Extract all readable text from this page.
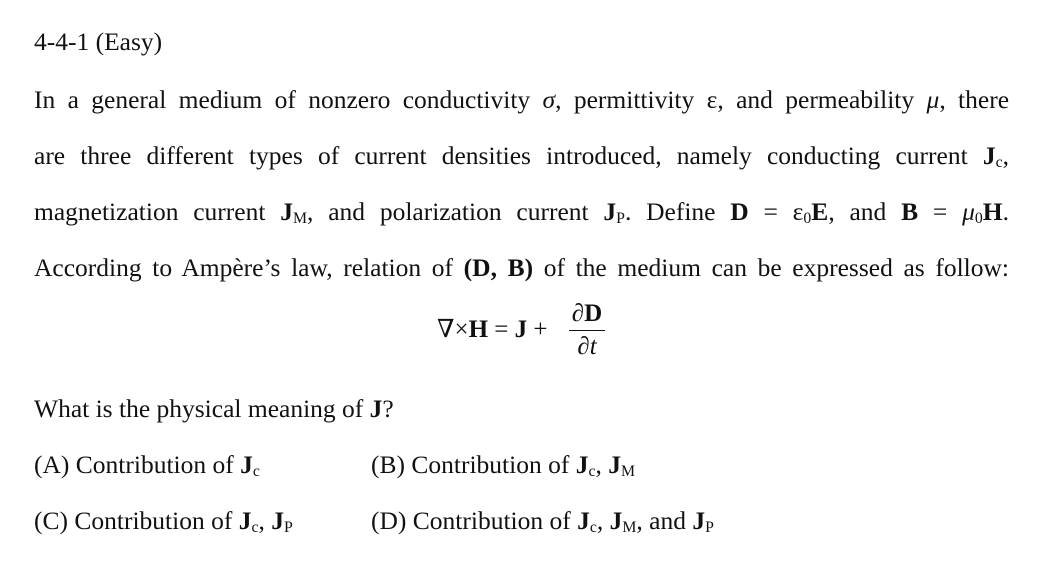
4-4-1 (Easy)
In a general medium of nonzero conductivity σ, permittivity ε, and permeability μ, there
are three different types of current densities introduced, namely conducting current $J_c$,
magnetization current $J_M$, and polarization current $J_P$. Define $D = \varepsilon_0E$, and $B = \mu_0H$.
According to Ampère’s law, relation of (D, B) of the medium can be expressed as follow:
∇×H = J +
∂D
∂t
What is the physical meaning of J?
(A) Contribution of $J_c$	(B) Contribution of $J_c$, $J_M$
(C) Contribution of $J_c$, $J_P$	(D) Contribution of $J_c$, $J_M$, and $J_P$
